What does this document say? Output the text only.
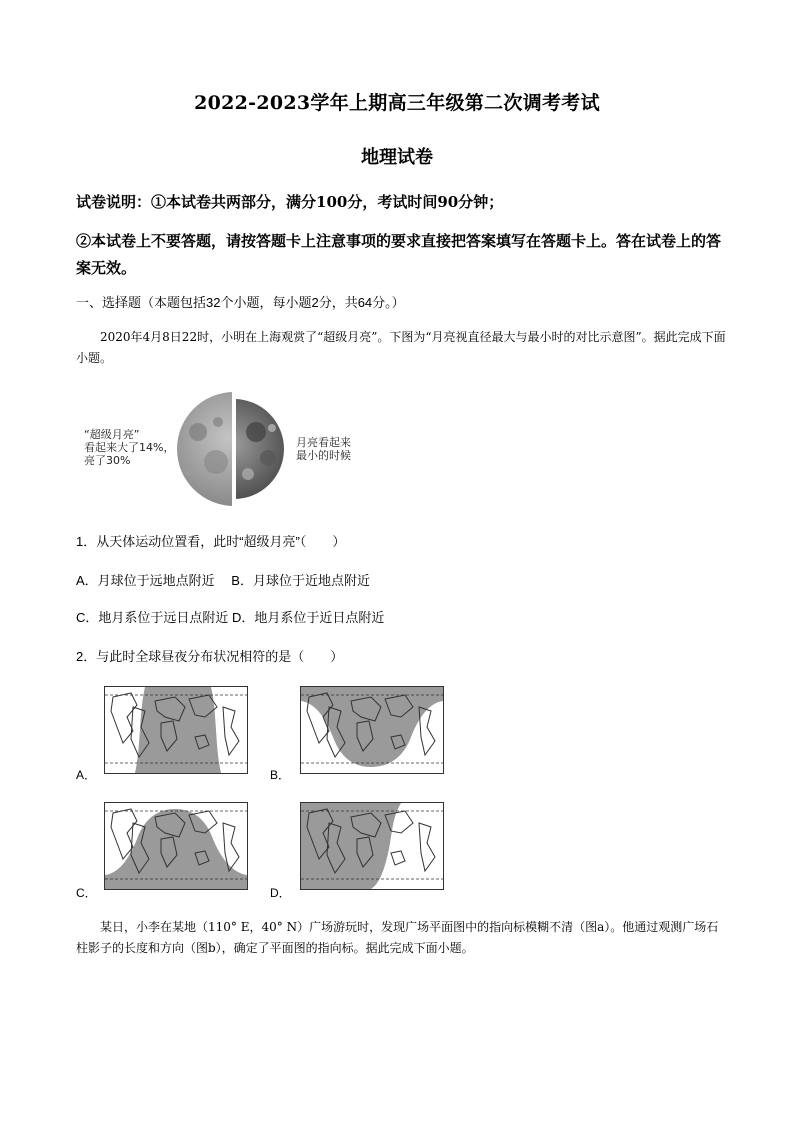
2022-2023学年上期高三年级第二次调考考试
地理试卷
试卷说明：①本试卷共两部分，满分100分，考试时间90分钟；
②本试卷上不要答题，请按答题卡上注意事项的要求直接把答案填写在答题卡上。答在试卷上的答案无效。
一、选择题（本题包括32个小题，每小题2分，共64分。）
2020年4月8日22时，小明在上海观赏了“超级月亮”。下图为“月亮视直径最大与最小时的对比示意图”。据此完成下面小题。
“超级月亮”
看起来大了14%，
亮了30%
月亮看起来
最小的时候
1．从天体运动位置看，此时“超级月亮”（　　）
A．月球位于远地点附近　 B．月球位于近地点附近
C．地月系位于远日点附近 D．地月系位于近日点附近
2．与此时全球昼夜分布状况相符的是（　　）
A．	B．
C．	D．
某日，小李在某地（110° E，40° N）广场游玩时，发现广场平面图中的指向标模糊不清（图a）。他通过观测广场石柱影子的长度和方向（图b），确定了平面图的指向标。据此完成下面小题。
